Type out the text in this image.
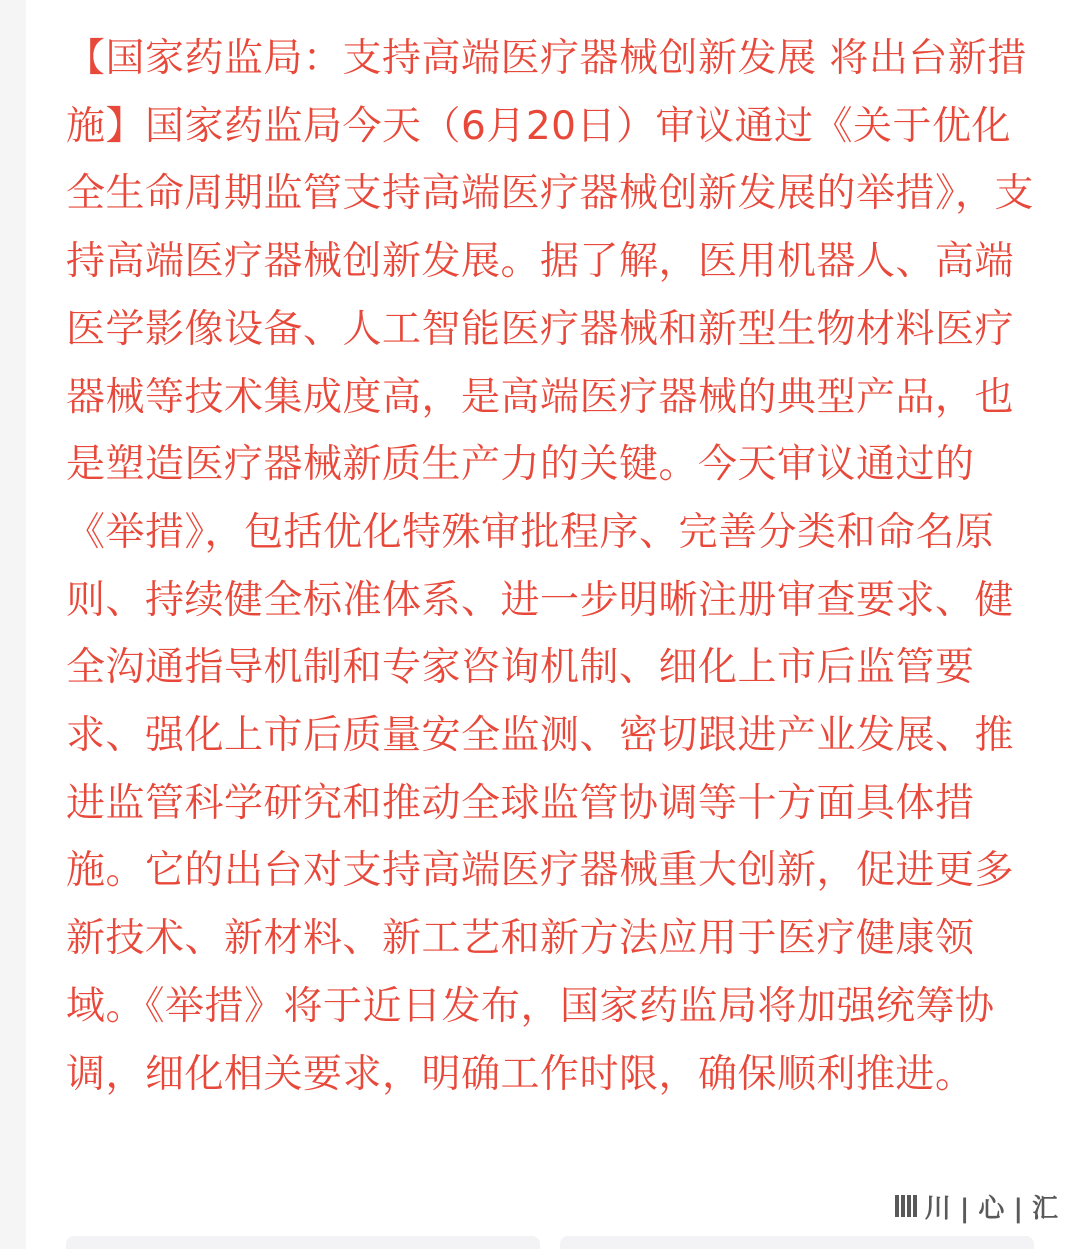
【国家药监局：支持高端医疗器械创新发展 将出台新措施】国家药监局今天（6月20日）审议通过《关于优化全生命周期监管支持高端医疗器械创新发展的举措》，支持高端医疗器械创新发展。据了解，医用机器人、高端医学影像设备、人工智能医疗器械和新型生物材料医疗器械等技术集成度高，是高端医疗器械的典型产品，也是塑造医疗器械新质生产力的关键。今天审议通过的《举措》，包括优化特殊审批程序、完善分类和命名原则、持续健全标准体系、进一步明晰注册审查要求、健全沟通指导机制和专家咨询机制、细化上市后监管要求、强化上市后质量安全监测、密切跟进产业发展、推进监管科学研究和推动全球监管协调等十方面具体措施。它的出台对支持高端医疗器械重大创新，促进更多新技术、新材料、新工艺和新方法应用于医疗健康领域。《举措》将于近日发布，国家药监局将加强统筹协调，细化相关要求，明确工作时限，确保顺利推进。

川 | 心 | 汇
